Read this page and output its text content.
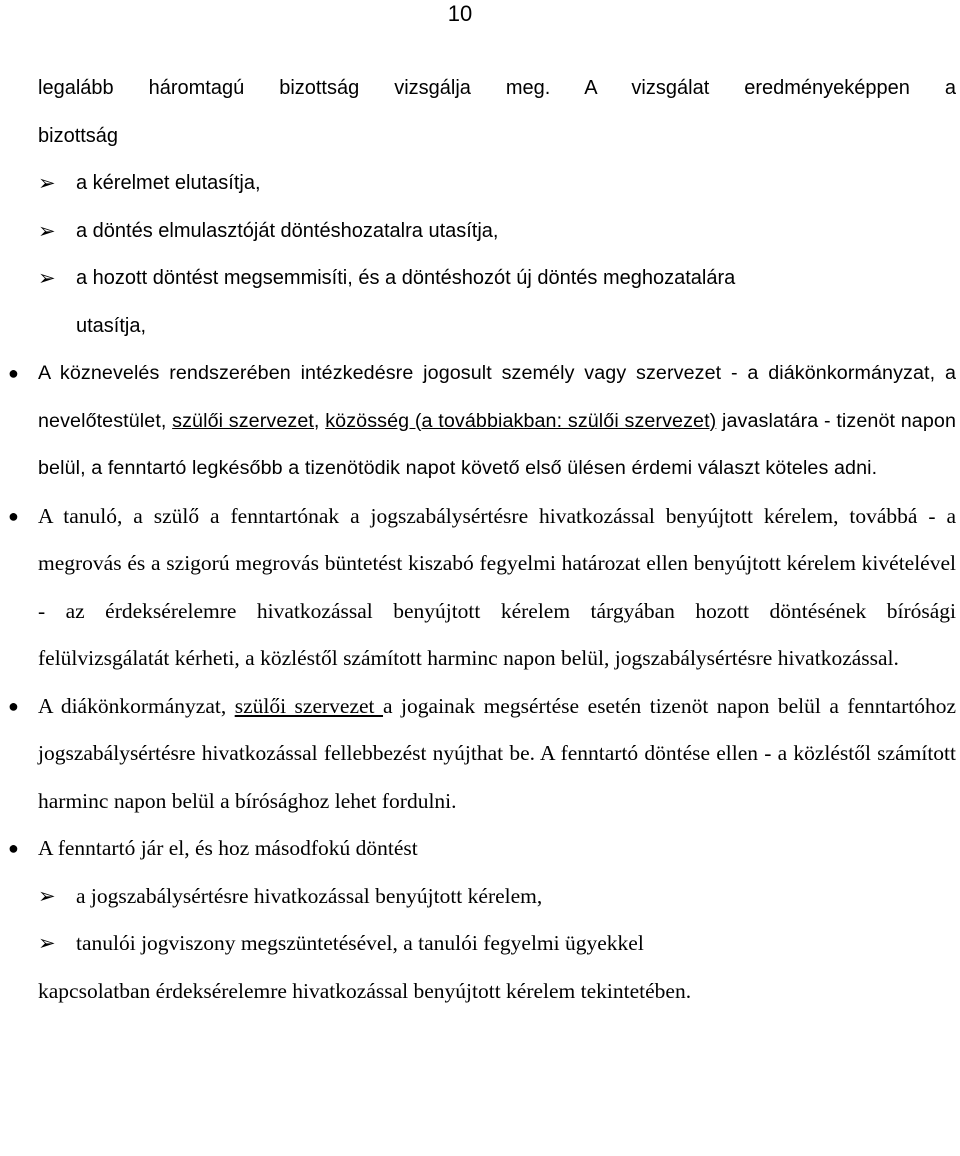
10
legalább háromtagú bizottság vizsgálja meg. A vizsgálat eredményeképpen a
bizottság
➢ a kérelmet elutasítja,
➢ a döntés elmulasztóját döntéshozatalra utasítja,
➢ a hozott döntést megsemmisíti, és a döntéshozót új döntés meghozatalára
utasítja,
● A köznevelés rendszerében intézkedésre jogosult személy vagy szervezet - a diákönkormányzat, a nevelőtestület, szülői szervezet, közösség (a továbbiakban: szülői szervezet) javaslatára - tizenöt napon belül, a fenntartó legkésőbb a tizenötödik napot követő első ülésen érdemi választ köteles adni.
● A tanuló, a szülő a fenntartónak a jogszabálysértésre hivatkozással benyújtott kérelem, továbbá - a megrovás és a szigorú megrovás büntetést kiszabó fegyelmi határozat ellen benyújtott kérelem kivételével - az érdeksérelemre hivatkozással benyújtott kérelem tárgyában hozott döntésének bírósági felülvizsgálatát kérheti, a közléstől számított harminc napon belül, jogszabálysértésre hivatkozással.
● A diákönkormányzat, szülői szervezet a jogainak megsértése esetén tizenöt napon belül a fenntartóhoz jogszabálysértésre hivatkozással fellebbezést nyújthat be. A fenntartó döntése ellen - a közléstől számított harminc napon belül a bírósághoz lehet fordulni.
● A fenntartó jár el, és hoz másodfokú döntést
➢ a jogszabálysértésre hivatkozással benyújtott kérelem,
➢ tanulói jogviszony megszüntetésével, a tanulói fegyelmi ügyekkel
kapcsolatban érdeksérelemre hivatkozással benyújtott kérelem tekintetében.
